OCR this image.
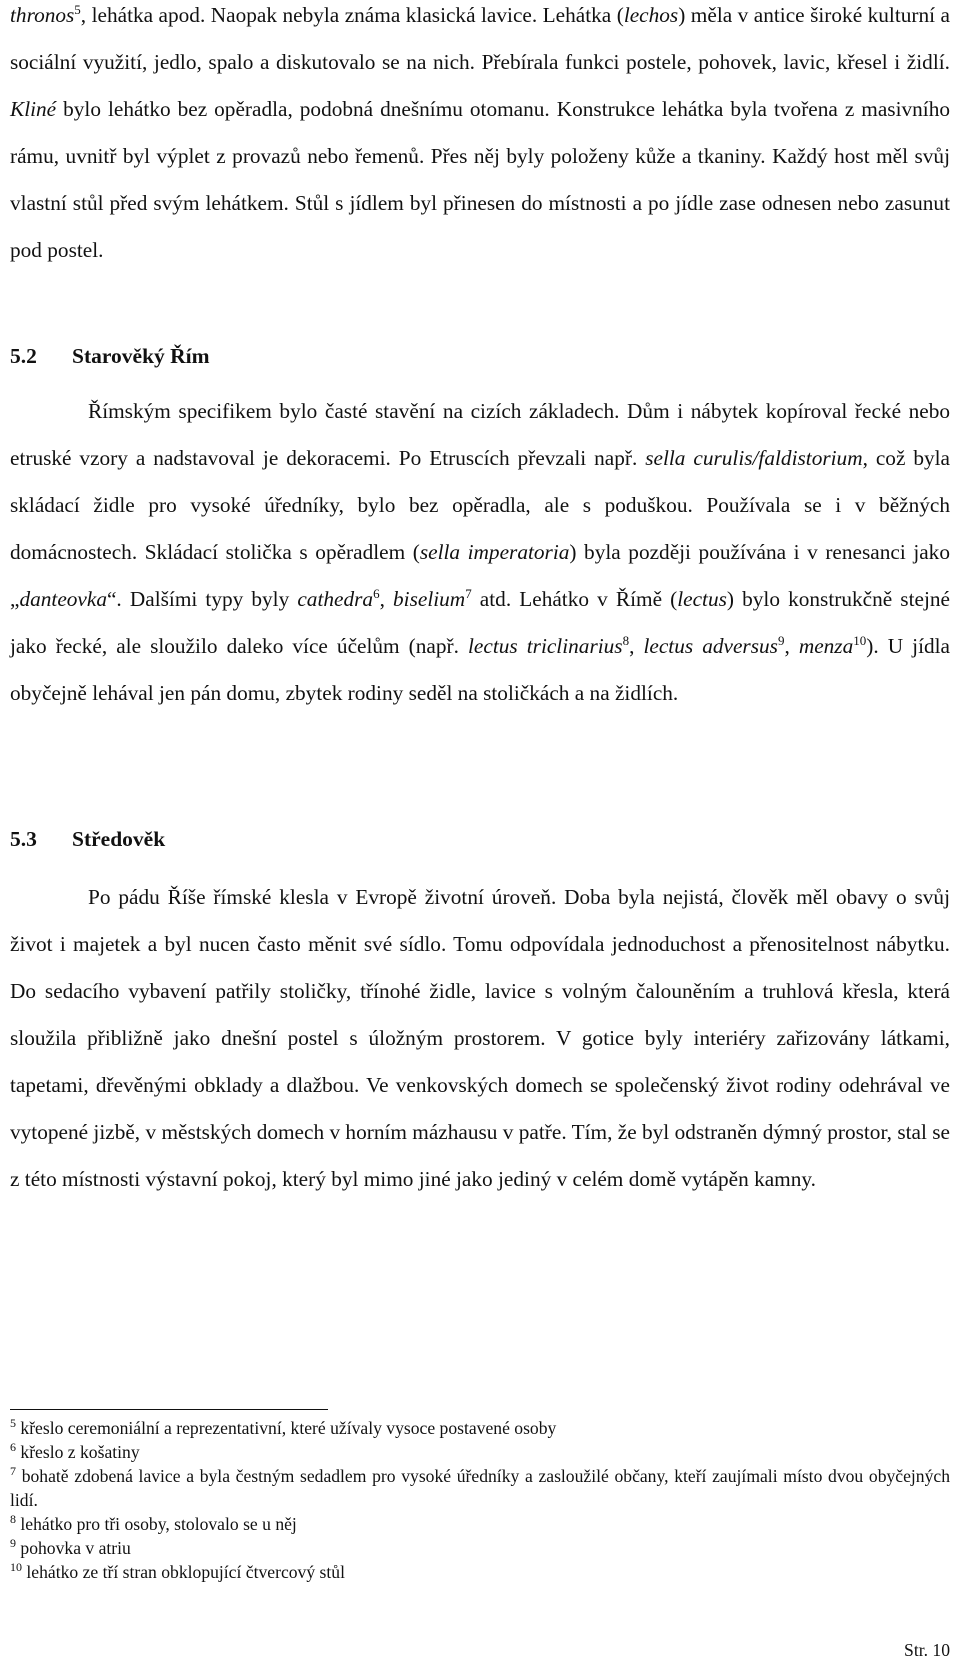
thronos$^5$, lehátka apod. Naopak nebyla známa klasická lavice. Lehátka (lechos) měla v antice široké kulturní a sociální využití, jedlo, spalo a diskutovalo se na nich. Přebírala funkci postele, pohovek, lavic, křesel i židlí. Kliné bylo lehátko bez opěradla, podobná dnešnímu otomanu. Konstrukce lehátka byla tvořena z masivního rámu, uvnitř byl výplet z provazů nebo řemenů. Přes něj byly položeny kůže a tkaniny. Každý host měl svůj vlastní stůl před svým lehátkem. Stůl s jídlem byl přinesen do místnosti a po jídle zase odnesen nebo zasunut pod postel.

5.2 Starověký Řím

Římským specifikem bylo časté stavění na cizích základech. Dům i nábytek kopíroval řecké nebo etruské vzory a nadstavoval je dekoracemi. Po Etruscích převzali např. sella curulis/faldistorium, což byla skládací židle pro vysoké úředníky, bylo bez opěradla, ale s poduškou. Používala se i v běžných domácnostech. Skládací stolička s opěradlem (sella imperatoria) byla později používána i v renesanci jako „danteovka“. Dalšími typy byly cathedra$^6$, biselium$^7$ atd. Lehátko v Římě (lectus) bylo konstrukčně stejné jako řecké, ale sloužilo daleko více účelům (např. lectus triclinarius$^8$, lectus adversus$^9$, menza$^{10}$). U jídla obyčejně lehával jen pán domu, zbytek rodiny seděl na stoličkách a na židlích.

5.3 Středověk

Po pádu Říše římské klesla v Evropě životní úroveň. Doba byla nejistá, člověk měl obavy o svůj život i majetek a byl nucen často měnit své sídlo. Tomu odpovídala jednoduchost a přenositelnost nábytku. Do sedacího vybavení patřily stoličky, třínohé židle, lavice s volným čalouněním a truhlová křesla, která sloužila přibližně jako dnešní postel s úložným prostorem. V gotice byly interiéry zařizovány látkami, tapetami, dřevěnými obklady a dlažbou. Ve venkovských domech se společenský život rodiny odehrával ve vytopené jizbě, v městských domech v horním mázhausu v patře. Tím, že byl odstraněn dýmný prostor, stal se z této místnosti výstavní pokoj, který byl mimo jiné jako jediný v celém domě vytápěn kamny.

$^5$ křeslo ceremoniální a reprezentativní, které užívaly vysoce postavené osoby

$^6$ křeslo z košatiny

$^7$ bohatě zdobená lavice a byla čestným sedadlem pro vysoké úředníky a zasloužilé občany, kteří zaujímali místo dvou obyčejných lidí.

$^8$ lehátko pro tři osoby, stolovalo se u něj

$^9$ pohovka v atriu

$^{10}$ lehátko ze tří stran obklopující čtvercový stůl

Str. 10
